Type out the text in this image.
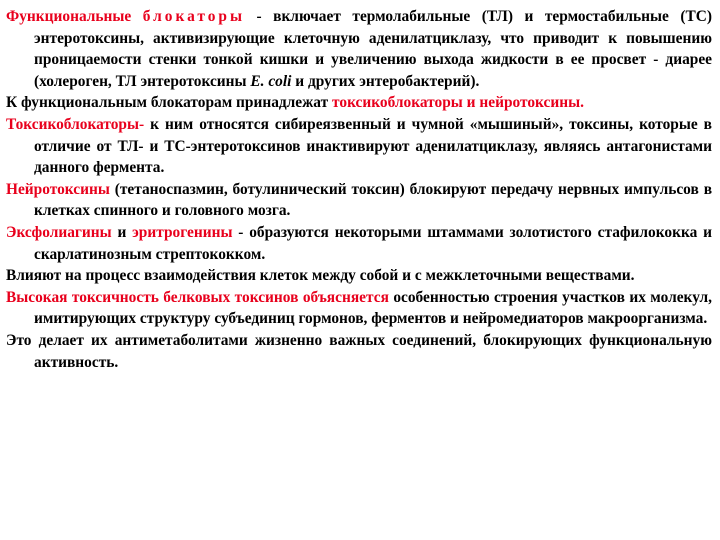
Функциональные блокаторы - включает термолабильные (ТЛ) и термостабильные (ТС) энтеротоксины, активизирующие клеточную аденилатциклазу, что приводит к повышению проницаемости стенки тонкой кишки и увеличению выхода жидкости в ее просвет - диарее (холероген, ТЛ энтеротоксины E. coli и других энтеробактерий).

К функциональным блокаторам принадлежат токсикоблокаторы и нейротоксины.

Токсикоблокаторы- к ним относятся сибиреязвенный и чумной «мышиный», токсины, которые в отличие от ТЛ- и ТС-энтеротоксинов инактивируют аденилатциклазу, являясь антагонистами данного фермента.

Нейротоксины (тетаноспазмин, ботулинический токсин) блокируют передачу нервных импульсов в клетках спинного и головного мозга.

Эксфолиагины и эритрогенины - образуются некоторыми штаммами золотистого стафилококка и скарлатинозным стрептококком.

Влияют на процесс взаимодействия клеток между собой и с межклеточными веществами.

Высокая токсичность белковых токсинов объясняется особенностью строения участков их молекул, имитирующих структуру субъединиц гормонов, ферментов и нейромедиаторов макроорганизма.

Это делает их антиметаболитами жизненно важных соединений, блокирующих функциональную активность.
